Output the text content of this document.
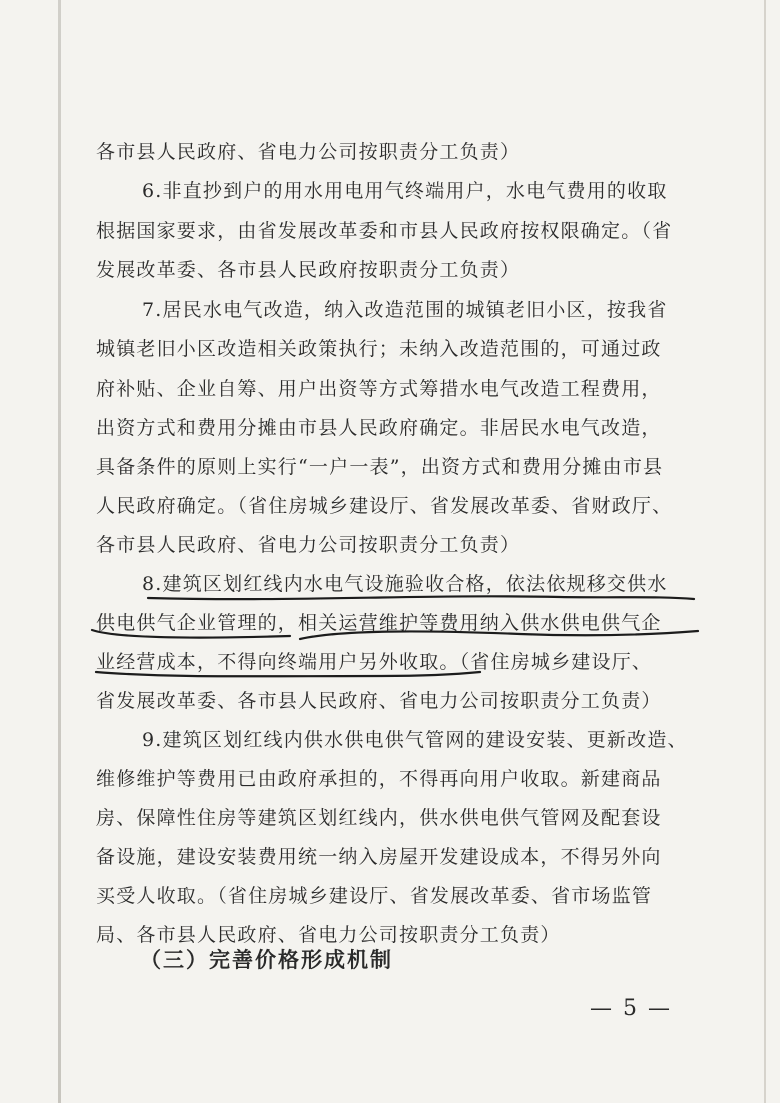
各市县人民政府、省电力公司按职责分工负责）
6.非直抄到户的用水用电用气终端用户，水电气费用的收取
根据国家要求，由省发展改革委和市县人民政府按权限确定。（省
发展改革委、各市县人民政府按职责分工负责）
7.居民水电气改造，纳入改造范围的城镇老旧小区，按我省
城镇老旧小区改造相关政策执行；未纳入改造范围的，可通过政
府补贴、企业自筹、用户出资等方式筹措水电气改造工程费用，
出资方式和费用分摊由市县人民政府确定。非居民水电气改造，
具备条件的原则上实行“一户一表”，出资方式和费用分摊由市县
人民政府确定。（省住房城乡建设厅、省发展改革委、省财政厅、
各市县人民政府、省电力公司按职责分工负责）
8.建筑区划红线内水电气设施验收合格，依法依规移交供水
供电供气企业管理的，相关运营维护等费用纳入供水供电供气企
业经营成本，不得向终端用户另外收取。（省住房城乡建设厅、
省发展改革委、各市县人民政府、省电力公司按职责分工负责）
9.建筑区划红线内供水供电供气管网的建设安装、更新改造、
维修维护等费用已由政府承担的，不得再向用户收取。新建商品
房、保障性住房等建筑区划红线内，供水供电供气管网及配套设
备设施，建设安装费用统一纳入房屋开发建设成本，不得另外向
买受人收取。（省住房城乡建设厅、省发展改革委、省市场监管
局、各市县人民政府、省电力公司按职责分工负责）
（三）完善价格形成机制
— 5 —
